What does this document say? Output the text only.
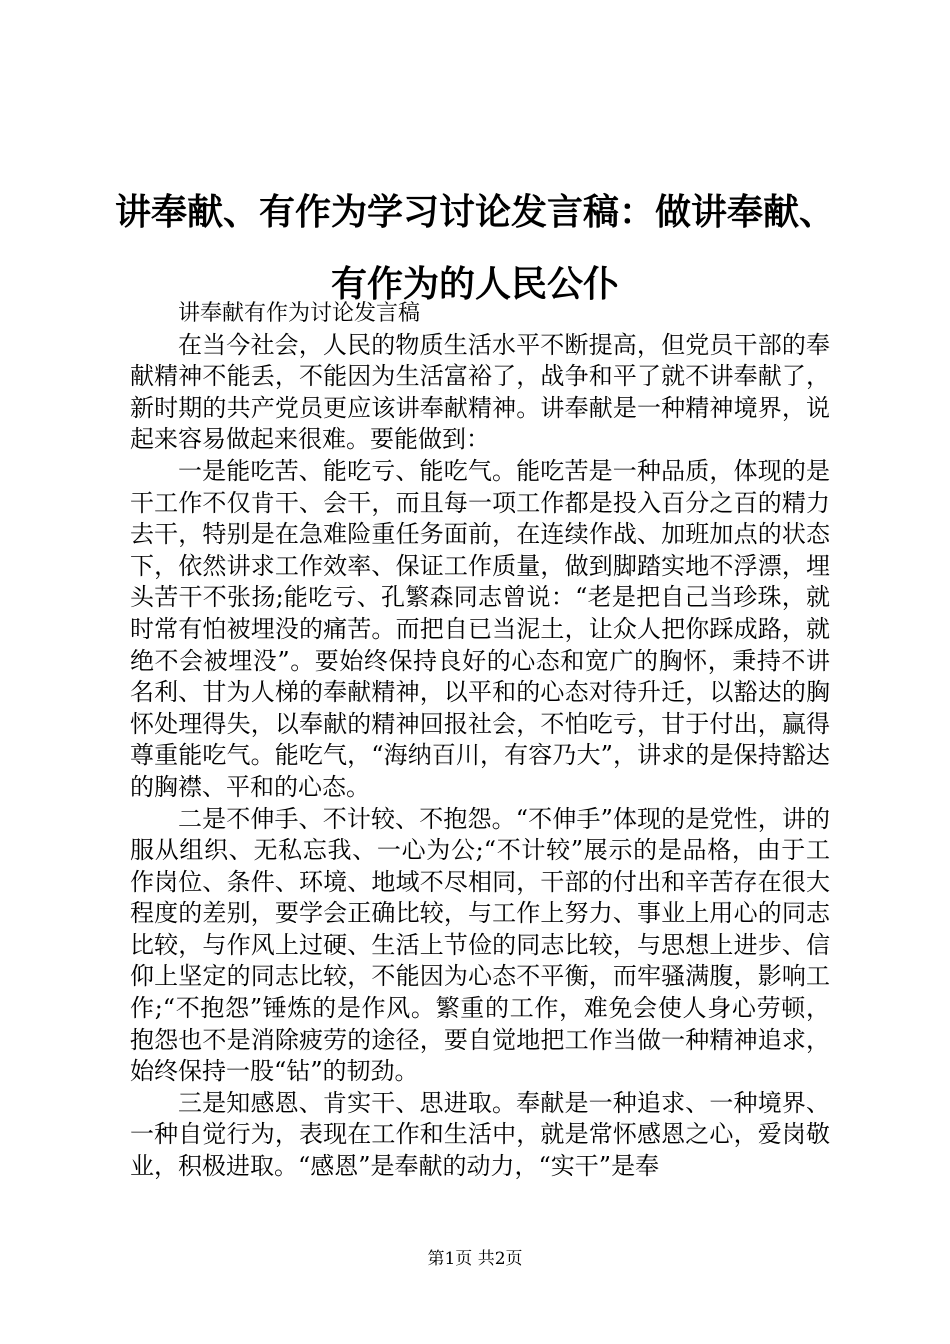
讲奉献、有作为学习讨论发言稿：做讲奉献、有作为的人民公仆
讲奉献有作为讨论发言稿

在当今社会，人民的物质生活水平不断提高，但党员干部的奉献精神不能丢，不能因为生活富裕了，战争和平了就不讲奉献了，新时期的共产党员更应该讲奉献精神。讲奉献是一种精神境界，说起来容易做起来很难。要能做到：

一是能吃苦、能吃亏、能吃气。能吃苦是一种品质，体现的是干工作不仅肯干、会干，而且每一项工作都是投入百分之百的精力去干，特别是在急难险重任务面前，在连续作战、加班加点的状态下，依然讲求工作效率、保证工作质量，做到脚踏实地不浮漂，埋头苦干不张扬;能吃亏、孔繁森同志曾说：“老是把自己当珍珠，就时常有怕被埋没的痛苦。而把自已当泥土，让众人把你踩成路，就绝不会被埋没”。要始终保持良好的心态和宽广的胸怀，秉持不讲名利、甘为人梯的奉献精神，以平和的心态对待升迁，以豁达的胸怀处理得失，以奉献的精神回报社会，不怕吃亏，甘于付出，赢得尊重能吃气。能吃气，“海纳百川，有容乃大”，讲求的是保持豁达的胸襟、平和的心态。

二是不伸手、不计较、不抱怨。“不伸手”体现的是党性，讲的服从组织、无私忘我、一心为公;“不计较”展示的是品格，由于工作岗位、条件、环境、地域不尽相同，干部的付出和辛苦存在很大程度的差别，要学会正确比较，与工作上努力、事业上用心的同志比较，与作风上过硬、生活上节俭的同志比较，与思想上进步、信仰上坚定的同志比较，不能因为心态不平衡，而牢骚满腹，影响工作;“不抱怨”锤炼的是作风。繁重的工作，难免会使人身心劳顿，抱怨也不是消除疲劳的途径，要自觉地把工作当做一种精神追求，始终保持一股“钻”的韧劲。

三是知感恩、肯实干、思进取。奉献是一种追求、一种境界、一种自觉行为，表现在工作和生活中，就是常怀感恩之心，爱岗敬业，积极进取。“感恩”是奉献的动力，“实干”是奉

第1页 共2页
